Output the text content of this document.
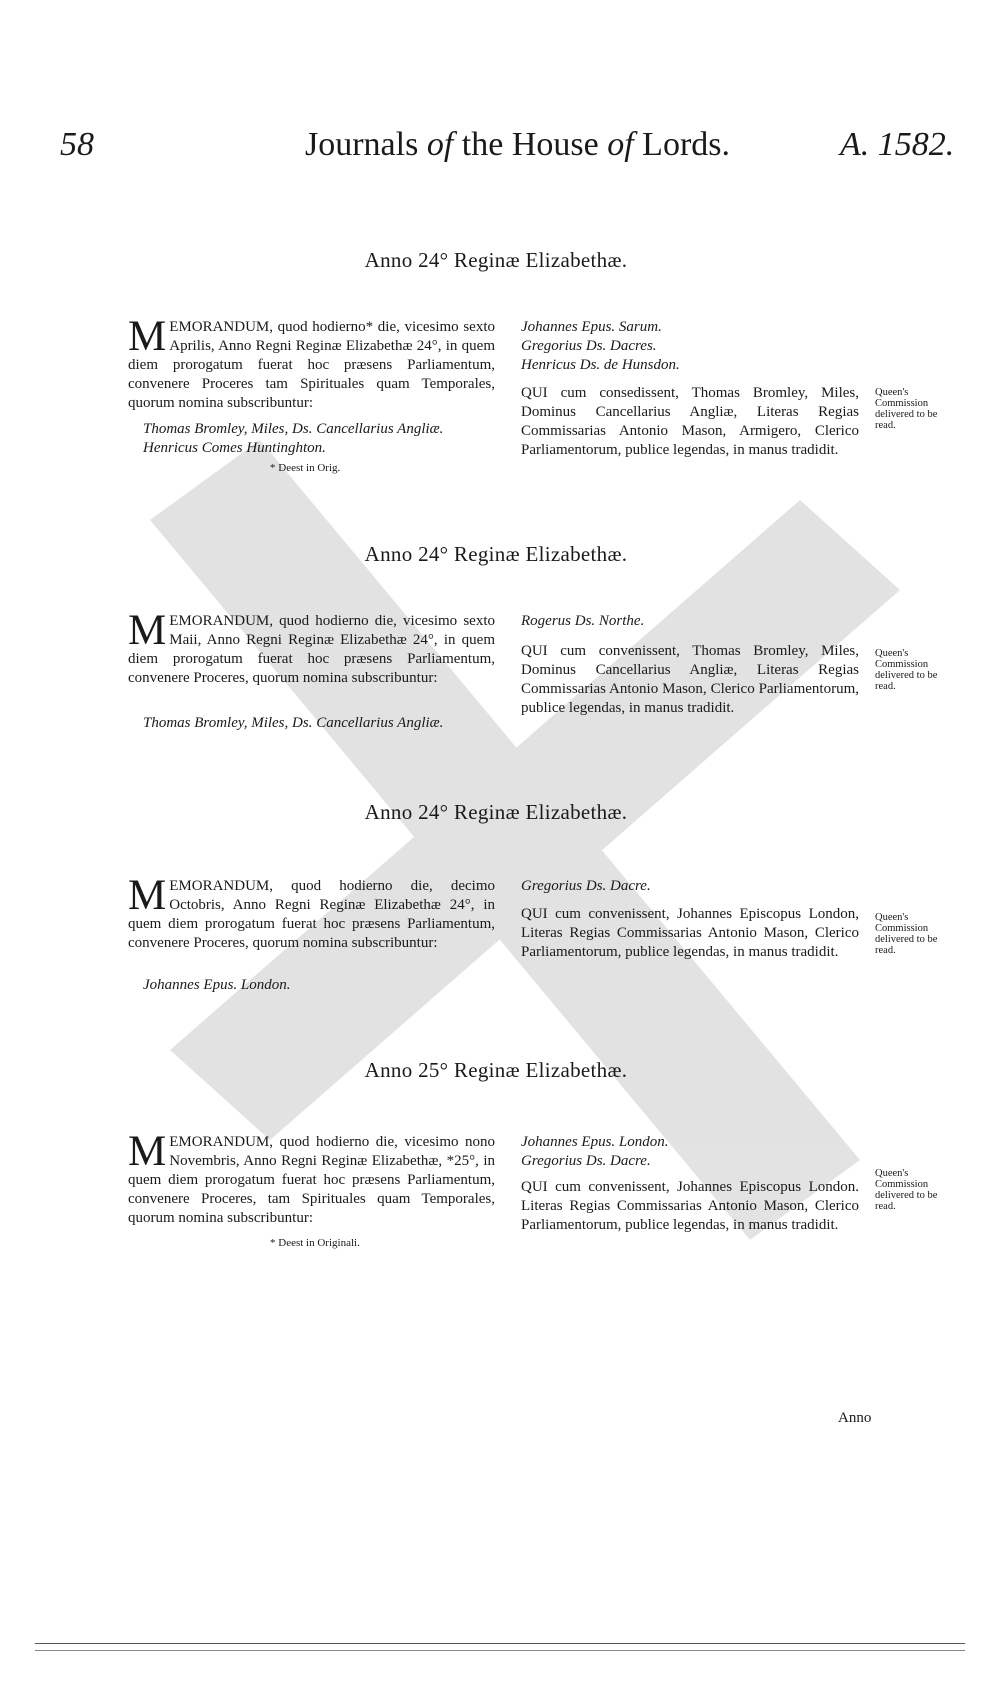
58	Journals of the House of Lords.	A. 1582.
Anno 24° Reginæ Elizabethæ.
MEMORANDUM, quod hodierno* die, vicesimo sexto Aprilis, Anno Regni Reginæ Elizabethæ 24°, in quem diem prorogatum fuerat hoc præsens Parliamentum, convenere Proceres tam Spirituales quam Temporales, quorum nomina subscribuntur:
Thomas Bromley, Miles, Ds. Cancellarius Angliæ.
Henricus Comes Huntinghton.
* Deest in Orig.
Johannes Epus. Sarum.
Gregorius Ds. Dacres.
Henricus Ds. de Hunsdon.
QUI cum consedissent, Thomas Bromley, Miles, Dominus Cancellarius Angliæ, Literas Regias Commissarias Antonio Mason, Armigero, Clerico Parliamentorum, publice legendas, in manus tradidit.
Queen's Commission delivered to be read.
Anno 24° Reginæ Elizabethæ.
MEMORANDUM, quod hodierno die, vicesimo sexto Maii, Anno Regni Reginæ Elizabethæ 24°, in quem diem prorogatum fuerat hoc præsens Parliamentum, convenere Proceres, quorum nomina subscribuntur:
Thomas Bromley, Miles, Ds. Cancellarius Angliæ.
Rogerus Ds. Northe.
QUI cum convenissent, Thomas Bromley, Miles, Dominus Cancellarius Angliæ, Literas Regias Commissarias Antonio Mason, Clerico Parliamentorum, publice legendas, in manus tradidit.
Queen's Commission delivered to be read.
Anno 24° Reginæ Elizabethæ.
MEMORANDUM, quod hodierno die, decimo Octobris, Anno Regni Reginæ Elizabethæ 24°, in quem diem prorogatum fuerat hoc præsens Parliamentum, convenere Proceres, quorum nomina subscribuntur:
Johannes Epus. London.
Gregorius Ds. Dacre.
QUI cum convenissent, Johannes Episcopus London, Literas Regias Commissarias Antonio Mason, Clerico Parliamentorum, publice legendas, in manus tradidit.
Queen's Commission delivered to be read.
Anno 25° Reginæ Elizabethæ.
MEMORANDUM, quod hodierno die, vicesimo nono Novembris, Anno Regni Reginæ Elizabethæ, *25°, in quem diem prorogatum fuerat hoc præsens Parliamentum, convenere Proceres, tam Spirituales quam Temporales, quorum nomina subscribuntur:
* Deest in Originali.
Johannes Epus. London.
Gregorius Ds. Dacre.
QUI cum convenissent, Johannes Episcopus London. Literas Regias Commissarias Antonio Mason, Clerico Parliamentorum, publice legendas, in manus tradidit.
Queen's Commission delivered to be read.
Anno
